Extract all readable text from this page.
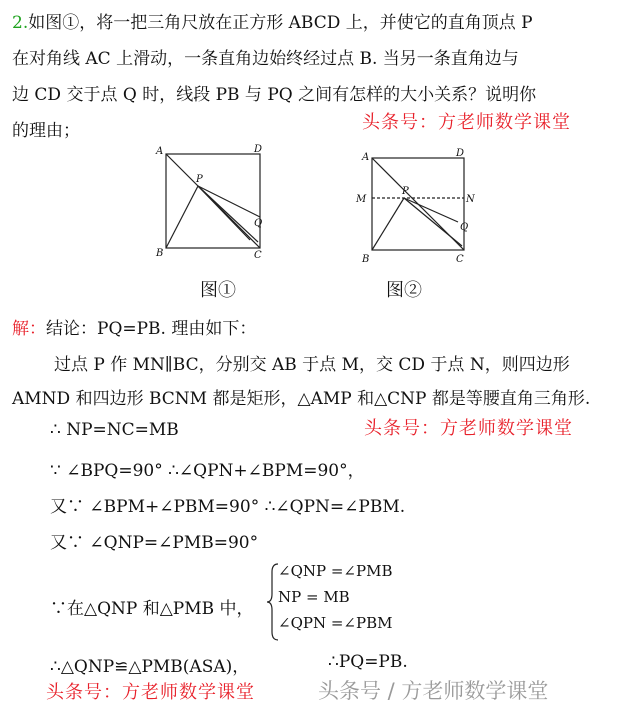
2.如图①，将一把三角尺放在正方形 ABCD 上，并使它的直角顶点 P
在对角线 AC 上滑动，一条直角边始终经过点 B. 当另一条直角边与
边 CD 交于点 Q 时，线段 PB 与 PQ 之间有怎样的大小关系？说明你
的理由；	头条号：方老师数学课堂
A	D
B	C
P
Q
图①
A	D
B	C
P
Q
M	N
图②
解：结论：PQ=PB. 理由如下：
过点 P 作 MN∥BC，分别交 AB 于点 M，交 CD 于点 N，则四边形
AMND 和四边形 BCNM 都是矩形，△AMP 和△CNP 都是等腰直角三角形.
∴ NP=NC=MB	头条号：方老师数学课堂
∵ ∠BPQ=90° ∴∠QPN+∠BPM=90°，
又∵ ∠BPM+∠PBM=90° ∴∠QPN=∠PBM.
又∵ ∠QNP=∠PMB=90°
∵在△QNP 和△PMB 中，
∠QNP =∠PMB
NP = MB
∠QPN =∠PBM
∴△QNP≌△PMB(ASA)，	∴PQ=PB.
头条号：方老师数学课堂	头条号 / 方老师数学课堂
